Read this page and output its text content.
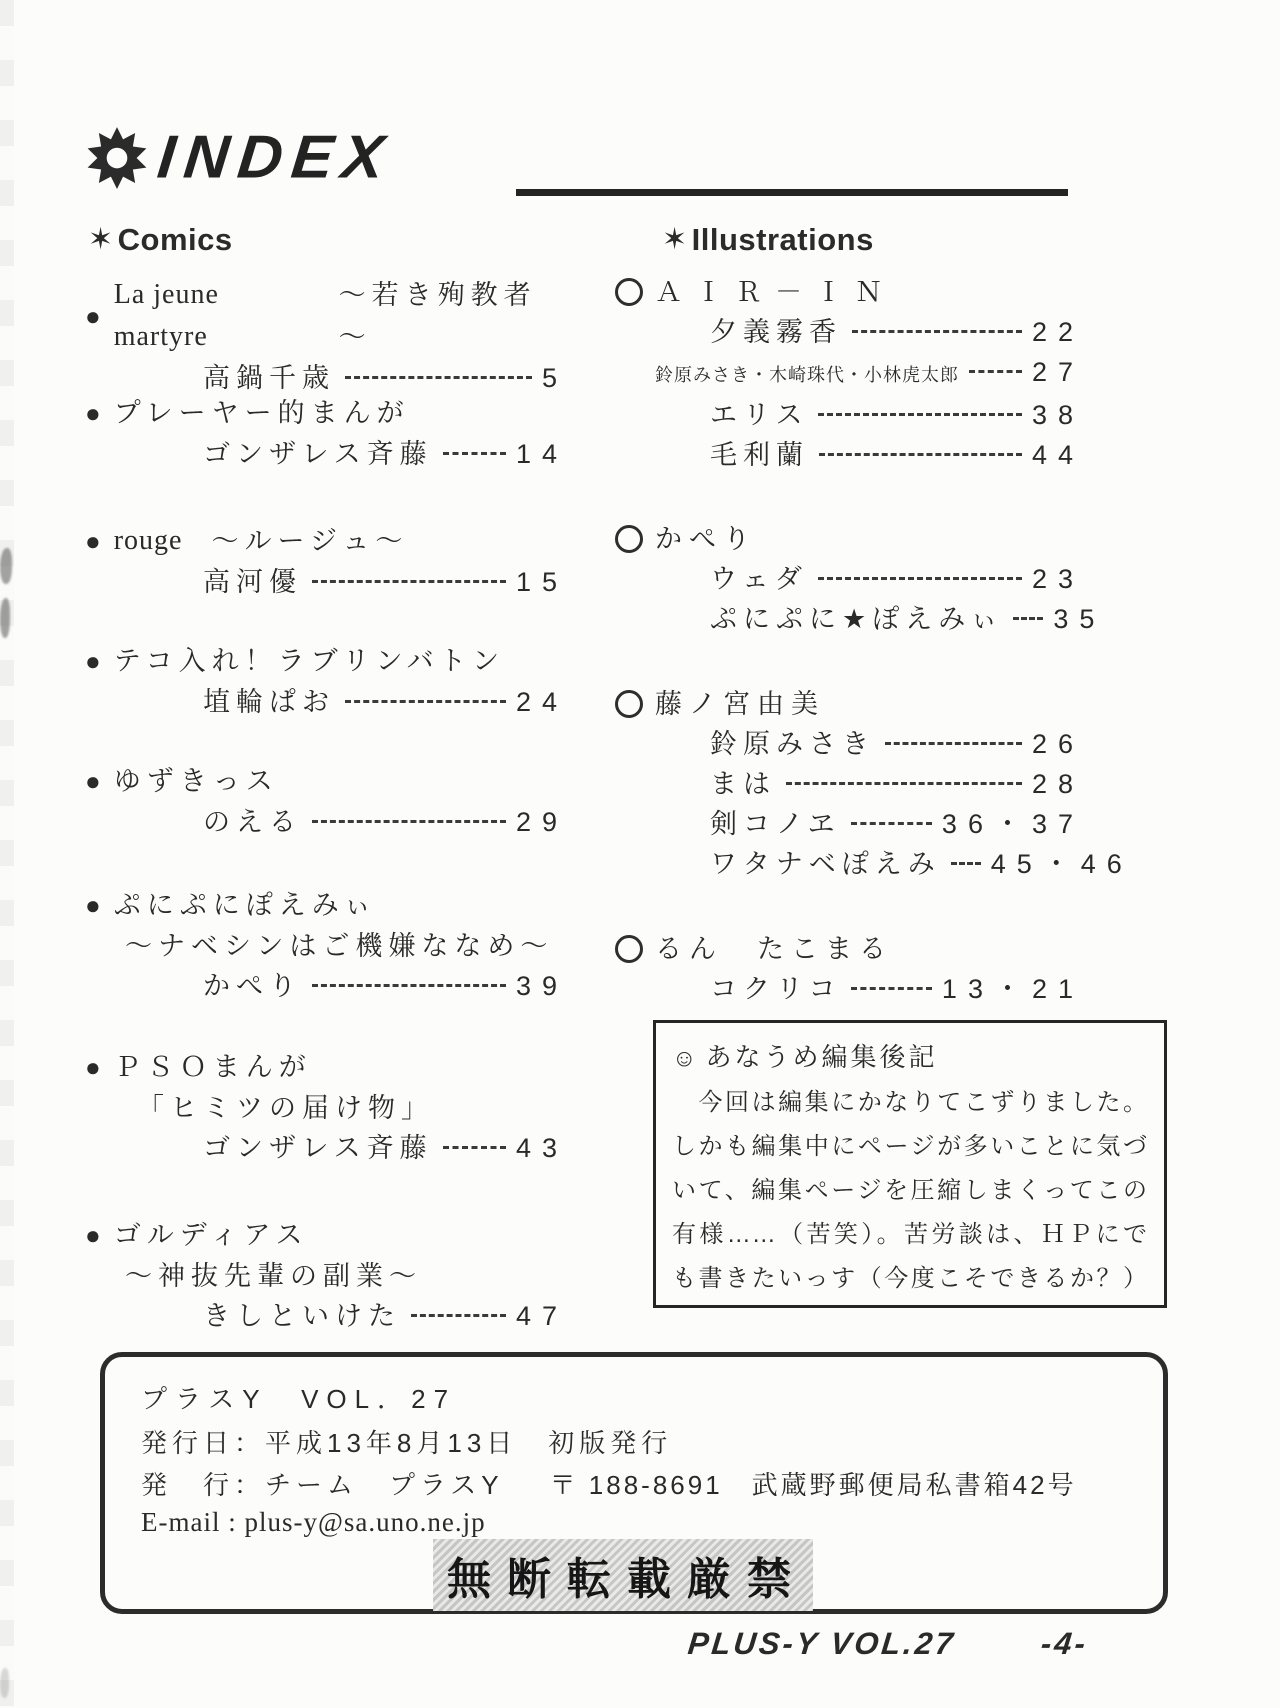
INDEX
✶ Comics	✶ Illustrations
●
La jeune martyre
～若き殉教者～
高鍋千歳	5
● プレーヤー的まんが
ゴンザレス斉藤	14
● rouge ～ルージュ～
高河優	15
● テコ入れ！ラブリンバトン
埴輪ぱお	24
● ゆずきっス
のえる	29
● ぷにぷにぽえみぃ
～ナベシンはご機嫌ななめ～
かぺり	39
● ＰＳＯまんが
「ヒミツの届け物」
ゴンザレス斉藤	43
● ゴルディアス
～神抜先輩の副業～
きしといけた	47
ＡＩＲ－ＩＮ
夕義霧香	22
鈴原みさき・木崎珠代・小林虎太郎	27
エリス	38
毛利蘭	44
かぺり
ウェダ	23
ぷにぷに★ぽえみぃ 35
藤ノ宮由美
鈴原みさき	26
まは	28
剣コノヱ	36・37
ワタナベぽえみ 45・46
るん　たこまる
コクリコ	13・21
☺ あなうめ編集後記
　今回は編集にかなりてこずりました。
しかも編集中にページが多いことに気づ
いて、編集ページを圧縮しまくってこの
有様……（苦笑）。苦労談は、ＨＰにで
も書きたいっす（今度こそできるか？）
プラスY　VOL．27
発行日：平成13年8月13日　初版発行
発　行：チーム　プラスY 〒 188-8691　武蔵野郵便局私書箱42号
E-mail : plus-y@sa.uno.ne.jp
無断転載厳禁
PLUS-Y VOL.27	-4-
